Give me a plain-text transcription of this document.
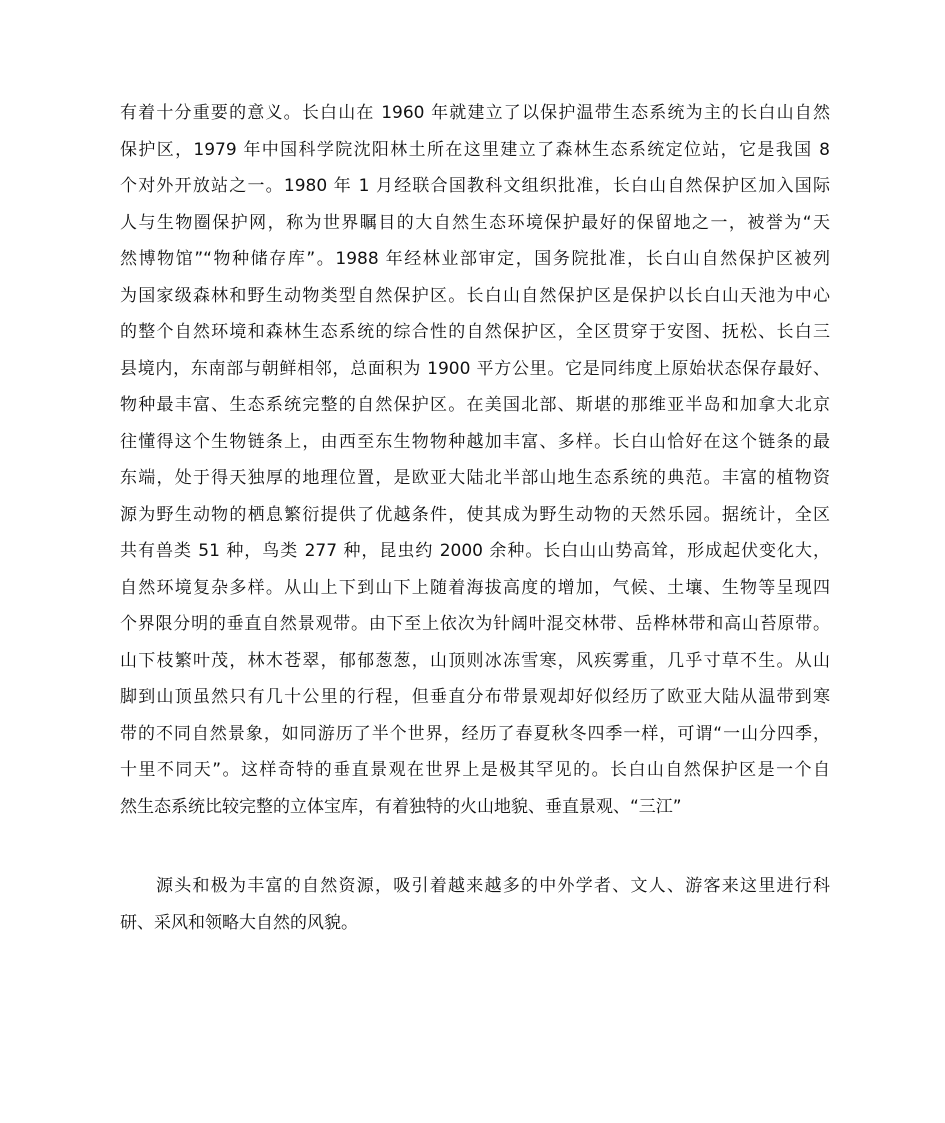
有着十分重要的意义。长白山在 1960 年就建立了以保护温带生态系统为主的长白山自然
保护区，1979 年中国科学院沈阳林土所在这里建立了森林生态系统定位站，它是我国 8
个对外开放站之一。1980 年 1 月经联合国教科文组织批准，长白山自然保护区加入国际
人与生物圈保护网，称为世界瞩目的大自然生态环境保护最好的保留地之一，被誉为“天
然博物馆”“物种储存库”。1988 年经林业部审定，国务院批准，长白山自然保护区被列
为国家级森林和野生动物类型自然保护区。长白山自然保护区是保护以长白山天池为中心
的整个自然环境和森林生态系统的综合性的自然保护区，全区贯穿于安图、抚松、长白三
县境内，东南部与朝鲜相邻，总面积为 1900 平方公里。它是同纬度上原始状态保存最好、
物种最丰富、生态系统完整的自然保护区。在美国北部、斯堪的那维亚半岛和加拿大北京
往懂得这个生物链条上，由西至东生物物种越加丰富、多样。长白山恰好在这个链条的最
东端，处于得天独厚的地理位置，是欧亚大陆北半部山地生态系统的典范。丰富的植物资
源为野生动物的栖息繁衍提供了优越条件，使其成为野生动物的天然乐园。据统计，全区
共有兽类 51 种，鸟类 277 种，昆虫约 2000 余种。长白山山势高耸，形成起伏变化大，
自然环境复杂多样。从山上下到山下上随着海拔高度的增加，气候、土壤、生物等呈现四
个界限分明的垂直自然景观带。由下至上依次为针阔叶混交林带、岳桦林带和高山苔原带。
山下枝繁叶茂，林木苍翠，郁郁葱葱，山顶则冰冻雪寒，风疾雾重，几乎寸草不生。从山
脚到山顶虽然只有几十公里的行程，但垂直分布带景观却好似经历了欧亚大陆从温带到寒
带的不同自然景象，如同游历了半个世界，经历了春夏秋冬四季一样，可谓“一山分四季，
十里不同天”。这样奇特的垂直景观在世界上是极其罕见的。长白山自然保护区是一个自
然生态系统比较完整的立体宝库，有着独特的火山地貌、垂直景观、“三江”
源头和极为丰富的自然资源，吸引着越来越多的中外学者、文人、游客来这里进行科
研、采风和领略大自然的风貌。
